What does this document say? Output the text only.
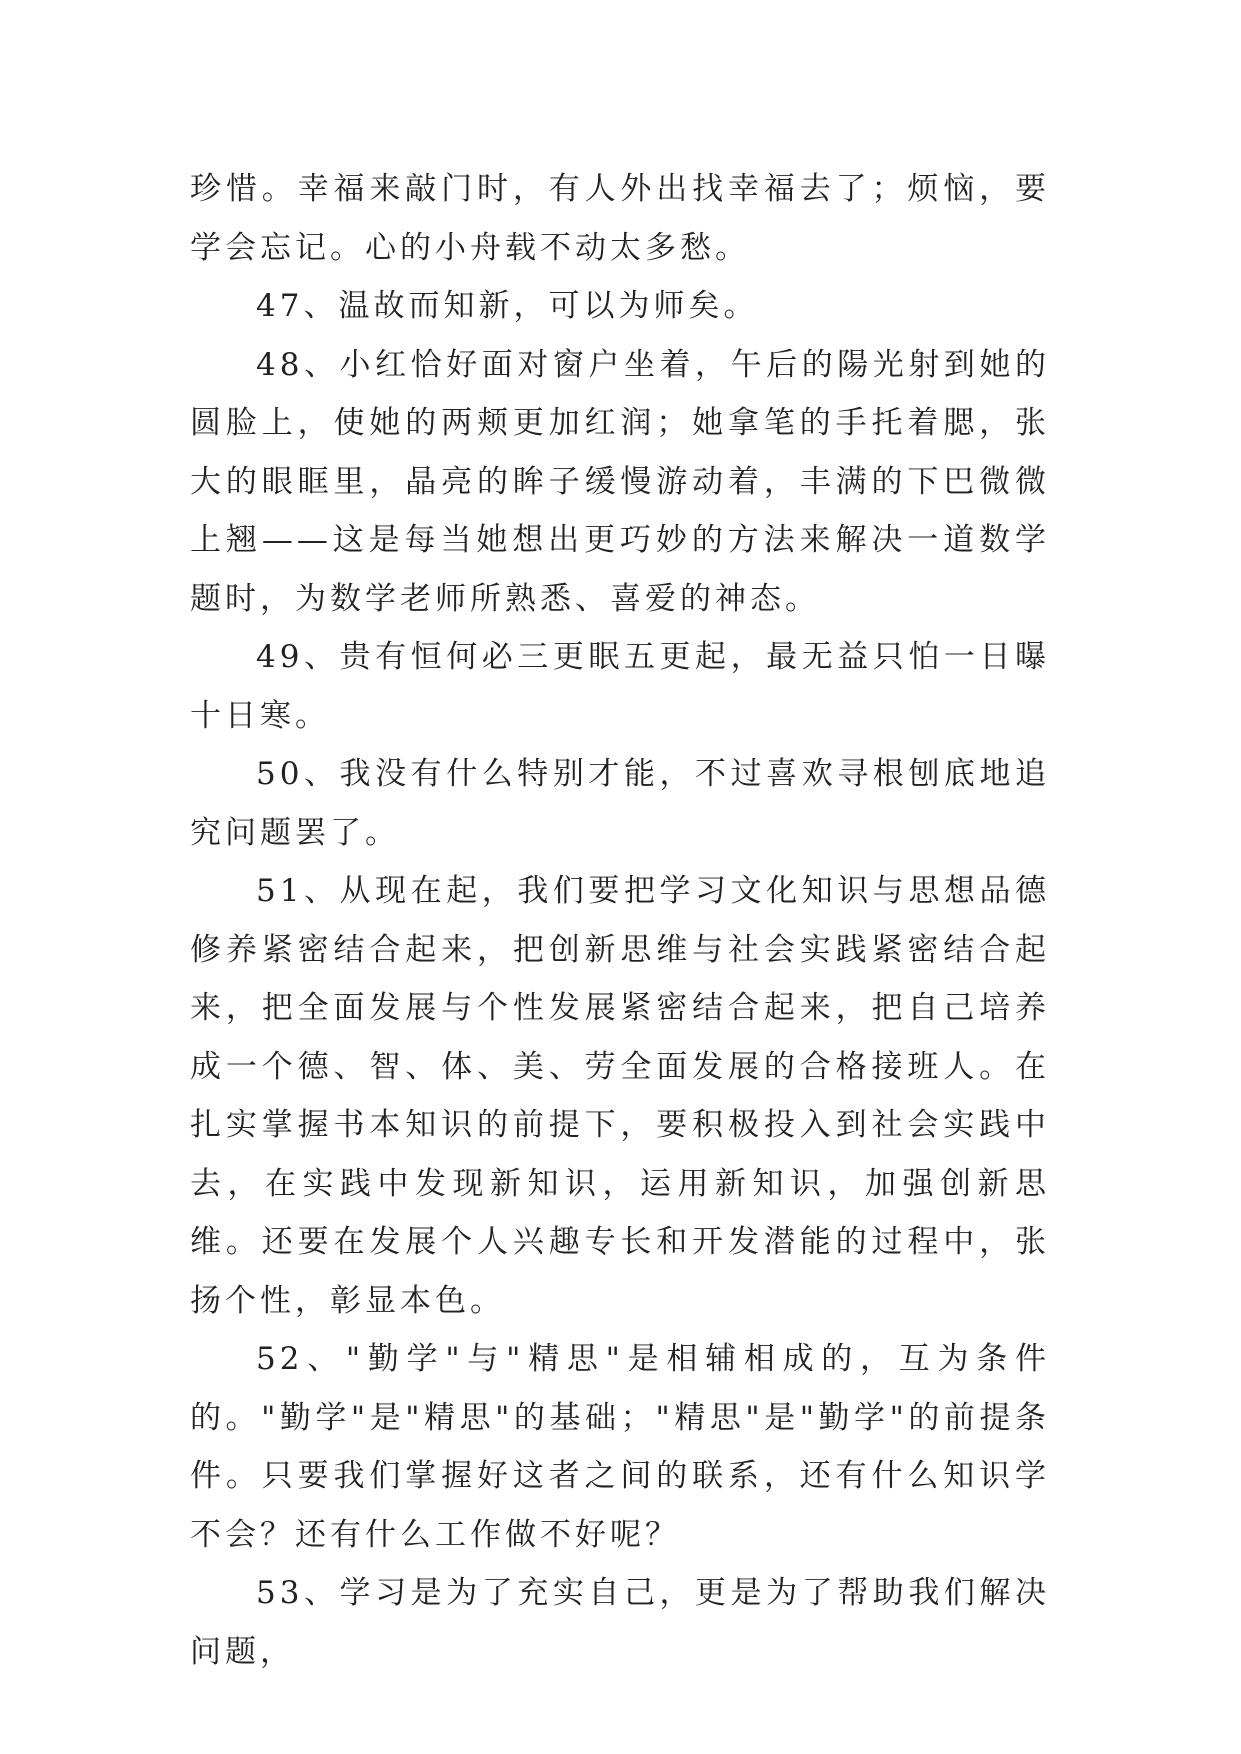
珍惜。幸福来敲门时，有人外出找幸福去了；烦恼，要学会忘记。心的小舟载不动太多愁。

47、温故而知新，可以为师矣。

48、小红恰好面对窗户坐着，午后的陽光射到她的圆脸上，使她的两颊更加红润；她拿笔的手托着腮，张大的眼眶里，晶亮的眸子缓慢游动着，丰满的下巴微微上翘——这是每当她想出更巧妙的方法来解决一道数学题时，为数学老师所熟悉、喜爱的神态。

49、贵有恒何必三更眠五更起，最无益只怕一日曝十日寒。

50、我没有什么特别才能，不过喜欢寻根刨底地追究问题罢了。

51、从现在起，我们要把学习文化知识与思想品德修养紧密结合起来，把创新思维与社会实践紧密结合起来，把全面发展与个性发展紧密结合起来，把自己培养成一个德、智、体、美、劳全面发展的合格接班人。在扎实掌握书本知识的前提下，要积极投入到社会实践中去，在实践中发现新知识，运用新知识，加强创新思维。还要在发展个人兴趣专长和开发潜能的过程中，张扬个性，彰显本色。

52、"勤学"与"精思"是相辅相成的，互为条件的。"勤学"是"精思"的基础；"精思"是"勤学"的前提条件。只要我们掌握好这者之间的联系，还有什么知识学不会？还有什么工作做不好呢？

53、学习是为了充实自己，更是为了帮助我们解决问题，
